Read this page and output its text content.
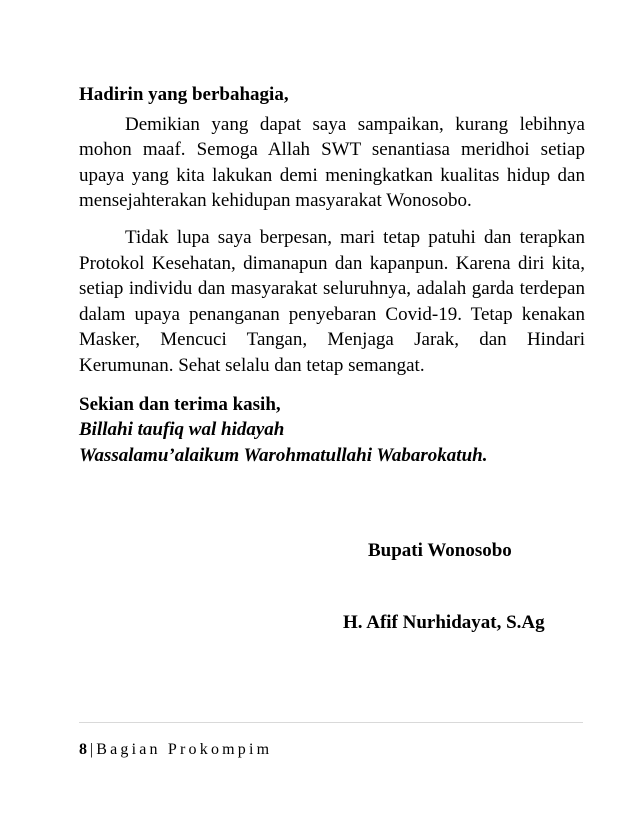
Hadirin yang berbahagia,

Demikian yang dapat saya sampaikan, kurang lebihnya mohon maaf. Semoga Allah SWT senantiasa meridhoi setiap upaya yang kita lakukan demi meningkatkan kualitas hidup dan mensejahterakan kehidupan masyarakat Wonosobo.

Tidak lupa saya berpesan, mari tetap patuhi dan terapkan Protokol Kesehatan, dimanapun dan kapanpun. Karena diri kita, setiap individu dan masyarakat seluruhnya, adalah garda terdepan dalam upaya penanganan penyebaran Covid-19. Tetap kenakan Masker, Mencuci Tangan, Menjaga Jarak, dan Hindari Kerumunan. Sehat selalu dan tetap semangat.

Sekian dan terima kasih,
Billahi taufiq wal hidayah
Wassalamu’alaikum Warohmatullahi Wabarokatuh.
Bupati Wonosobo
H. Afif Nurhidayat, S.Ag
8 | Bagian Prokompim
